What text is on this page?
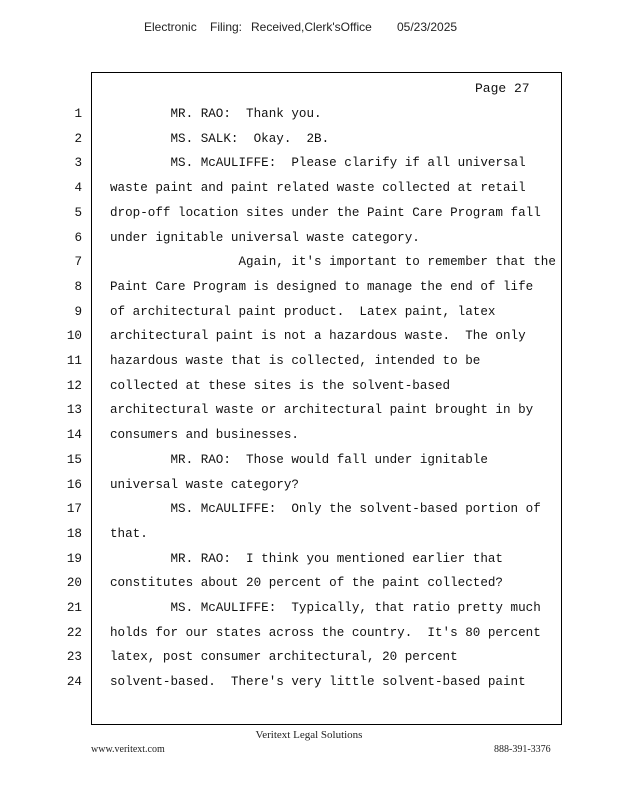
Electronic Filing: Received,Clerk'sOffice 05/23/2025
Page 27
1 MR. RAO:  Thank you.
2 MS. SALK:  Okay.  2B.
3 MS. McAULIFFE:  Please clarify if all universal
4 waste paint and paint related waste collected at retail
5 drop-off location sites under the Paint Care Program fall
6 under ignitable universal waste category.
7 Again, it's important to remember that the
8 Paint Care Program is designed to manage the end of life
9 of architectural paint product.  Latex paint, latex
10 architectural paint is not a hazardous waste.  The only
11 hazardous waste that is collected, intended to be
12 collected at these sites is the solvent-based
13 architectural waste or architectural paint brought in by
14 consumers and businesses.
15 MR. RAO:  Those would fall under ignitable
16 universal waste category?
17 MS. McAULIFFE:  Only the solvent-based portion of
18 that.
19 MR. RAO:  I think you mentioned earlier that
20 constitutes about 20 percent of the paint collected?
21 MS. McAULIFFE:  Typically, that ratio pretty much
22 holds for our states across the country.  It's 80 percent
23 latex, post consumer architectural, 20 percent
24 solvent-based.  There's very little solvent-based paint
Veritext Legal Solutions
www.veritext.com	888-391-3376
